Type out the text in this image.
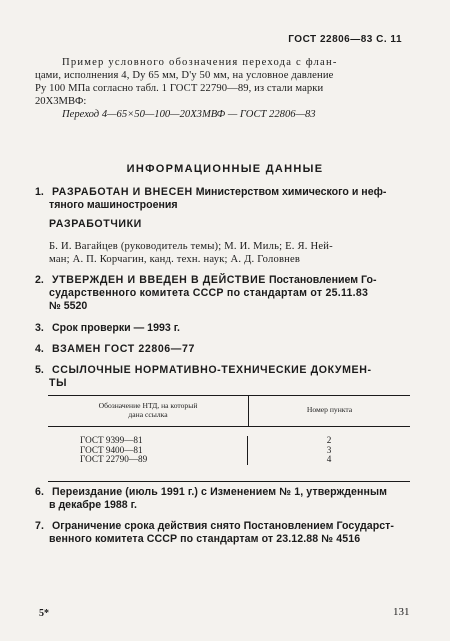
ГОСТ 22806—83 С. 11
Пример условного обозначения перехода с флан-
цами, исполнения 4, Dy 65 мм, D'y 50 мм, на условное давление
Py 100 МПа согласно табл. 1 ГОСТ 22790—89, из стали марки
20Х3МВФ:
Переход 4—65×50—100—20Х3МВФ — ГОСТ 22806—83
ИНФОРМАЦИОННЫЕ ДАННЫЕ
1. РАЗРАБОТАН И ВНЕСЕН Министерством химического и неф-
тяного машиностроения
РАЗРАБОТЧИКИ
Б. И. Вагайцев (руководитель темы); М. И. Миль; Е. Я. Ней-
ман; А. П. Корчагин, канд. техн. наук; А. Д. Головнев
2. УТВЕРЖДЕН И ВВЕДЕН В ДЕЙСТВИЕ Постановлением Го-
сударственного комитета СССР по стандартам от 25.11.83
№ 5520
3. Срок проверки — 1993 г.
4. ВЗАМЕН ГОСТ 22806—77
5. ССЫЛОЧНЫЕ НОРМАТИВНО-ТЕХНИЧЕСКИЕ ДОКУМЕН-
ТЫ
Обозначение НТД, на который
дана ссылка
Номер пункта
ГОСТ 9399—81
ГОСТ 9400—81
ГОСТ 22790—89
2
3
4
6. Переиздание (июль 1991 г.) с Изменением № 1, утвержденным
в декабре 1988 г.
7. Ограничение срока действия снято Постановлением Государст-
венного комитета СССР по стандартам от 23.12.88 № 4516
5*	131
